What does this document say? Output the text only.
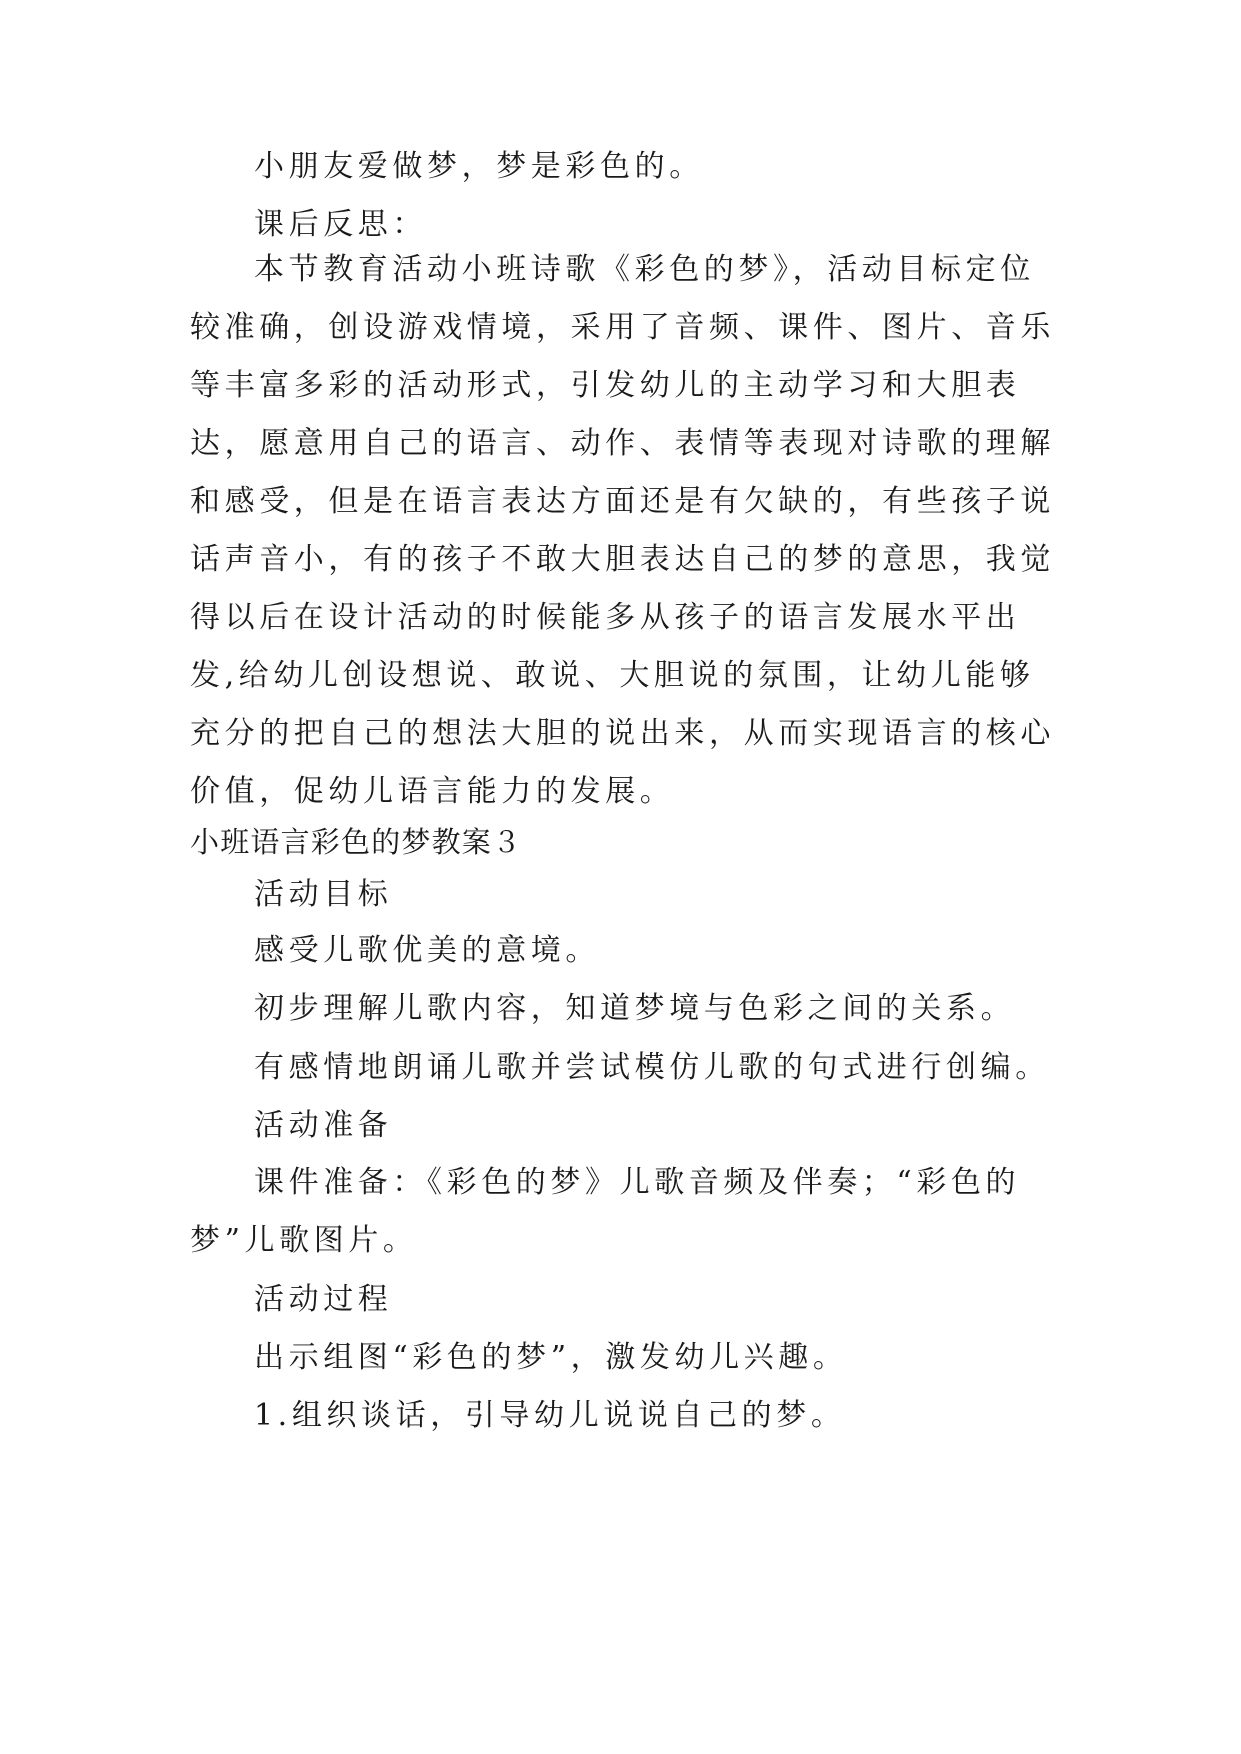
小朋友爱做梦，梦是彩色的。

课后反思：

本节教育活动小班诗歌《彩色的梦》，活动目标定位较准确，创设游戏情境，采用了音频、课件、图片、音乐等丰富多彩的活动形式，引发幼儿的主动学习和大胆表达，愿意用自己的语言、动作、表情等表现对诗歌的理解和感受，但是在语言表达方面还是有欠缺的，有些孩子说话声音小，有的孩子不敢大胆表达自己的梦的意思，我觉得以后在设计活动的时候能多从孩子的语言发展水平出发,给幼儿创设想说、敢说、大胆说的氛围，让幼儿能够充分的把自己的想法大胆的说出来，从而实现语言的核心价值，促幼儿语言能力的发展。

小班语言彩色的梦教案３

活动目标

感受儿歌优美的意境。

初步理解儿歌内容，知道梦境与色彩之间的关系。

有感情地朗诵儿歌并尝试模仿儿歌的句式进行创编。

活动准备

课件准备：《彩色的梦》儿歌音频及伴奏；“彩色的梦”儿歌图片。

活动过程

出示组图“彩色的梦”，激发幼儿兴趣。

1.组织谈话，引导幼儿说说自己的梦。
